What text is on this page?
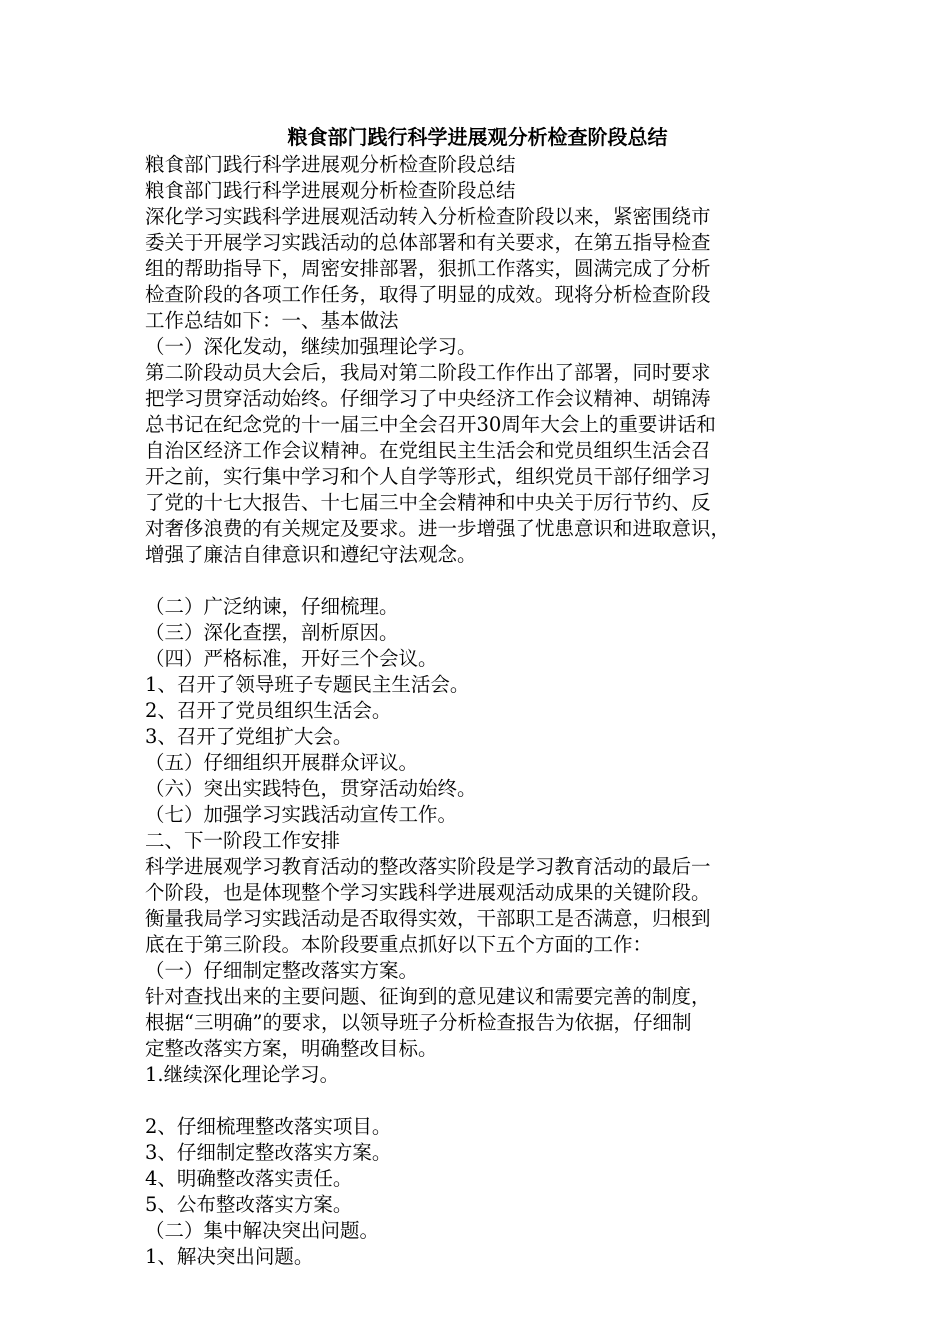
粮食部门践行科学进展观分析检查阶段总结
粮食部门践行科学进展观分析检查阶段总结
粮食部门践行科学进展观分析检查阶段总结
深化学习实践科学进展观活动转入分析检查阶段以来，紧密围绕市
委关于开展学习实践活动的总体部署和有关要求，在第五指导检查
组的帮助指导下，周密安排部署，狠抓工作落实，圆满完成了分析
检查阶段的各项工作任务，取得了明显的成效。现将分析检查阶段
工作总结如下：一、基本做法
（一）深化发动，继续加强理论学习。
第二阶段动员大会后，我局对第二阶段工作作出了部署，同时要求
把学习贯穿活动始终。仔细学习了中央经济工作会议精神、胡锦涛
总书记在纪念党的十一届三中全会召开30周年大会上的重要讲话和
自治区经济工作会议精神。在党组民主生活会和党员组织生活会召
开之前，实行集中学习和个人自学等形式，组织党员干部仔细学习
了党的十七大报告、十七届三中全会精神和中央关于厉行节约、反
对奢侈浪费的有关规定及要求。进一步增强了忧患意识和进取意识，
增强了廉洁自律意识和遵纪守法观念。
（二）广泛纳谏，仔细梳理。
（三）深化查摆，剖析原因。
（四）严格标准，开好三个会议。
1、召开了领导班子专题民主生活会。
2、召开了党员组织生活会。
3、召开了党组扩大会。
（五）仔细组织开展群众评议。
（六）突出实践特色，贯穿活动始终。
（七）加强学习实践活动宣传工作。
二、下一阶段工作安排
科学进展观学习教育活动的整改落实阶段是学习教育活动的最后一
个阶段，也是体现整个学习实践科学进展观活动成果的关键阶段。
衡量我局学习实践活动是否取得实效，干部职工是否满意，归根到
底在于第三阶段。本阶段要重点抓好以下五个方面的工作：
（一）仔细制定整改落实方案。
针对查找出来的主要问题、征询到的意见建议和需要完善的制度，
根据“三明确”的要求，以领导班子分析检查报告为依据，仔细制
定整改落实方案，明确整改目标。
1.继续深化理论学习。
2、仔细梳理整改落实项目。
3、仔细制定整改落实方案。
4、明确整改落实责任。
5、公布整改落实方案。
（二）集中解决突出问题。
1、解决突出问题。
